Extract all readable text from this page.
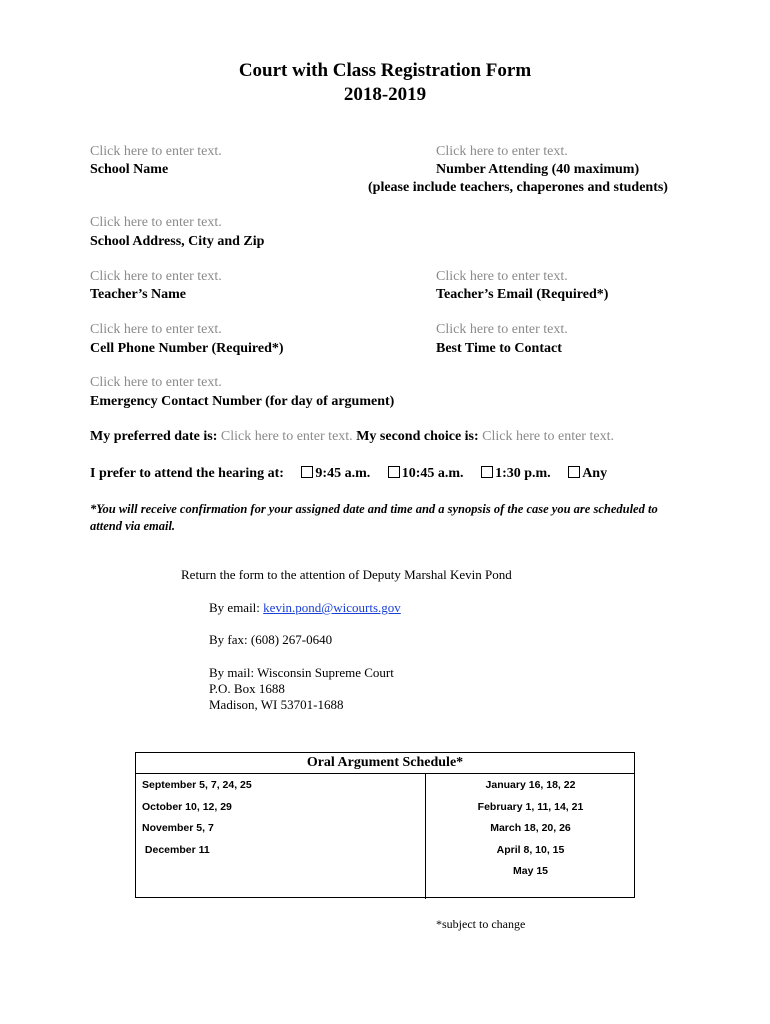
Court with Class Registration Form
2018-2019
Click here to enter text.
School Name
Click here to enter text.
Number Attending (40 maximum)
(please include teachers, chaperones and students)
Click here to enter text.
School Address, City and Zip
Click here to enter text.
Teacher’s Name
Click here to enter text.
Teacher’s Email (Required*)
Click here to enter text.
Cell Phone Number (Required*)
Click here to enter text.
Best Time to Contact
Click here to enter text.
Emergency Contact Number (for day of argument)
My preferred date is: Click here to enter text. My second choice is: Click here to enter text.
I prefer to attend the hearing at: 9:45 a.m. 10:45 a.m. 1:30 p.m. Any
*You will receive confirmation for your assigned date and time and a synopsis of the case you are scheduled to attend via email.
Return the form to the attention of Deputy Marshal Kevin Pond
By email: kevin.pond@wicourts.gov
By fax: (608) 267-0640
By mail: Wisconsin Supreme Court
P.O. Box 1688
Madison, WI 53701-1688
Oral Argument Schedule*
September 5, 7, 24, 25
October 10, 12, 29
November 5, 7
December 11
January 16, 18, 22
February 1, 11, 14, 21
March 18, 20, 26
April 8, 10, 15
May 15
*subject to change
